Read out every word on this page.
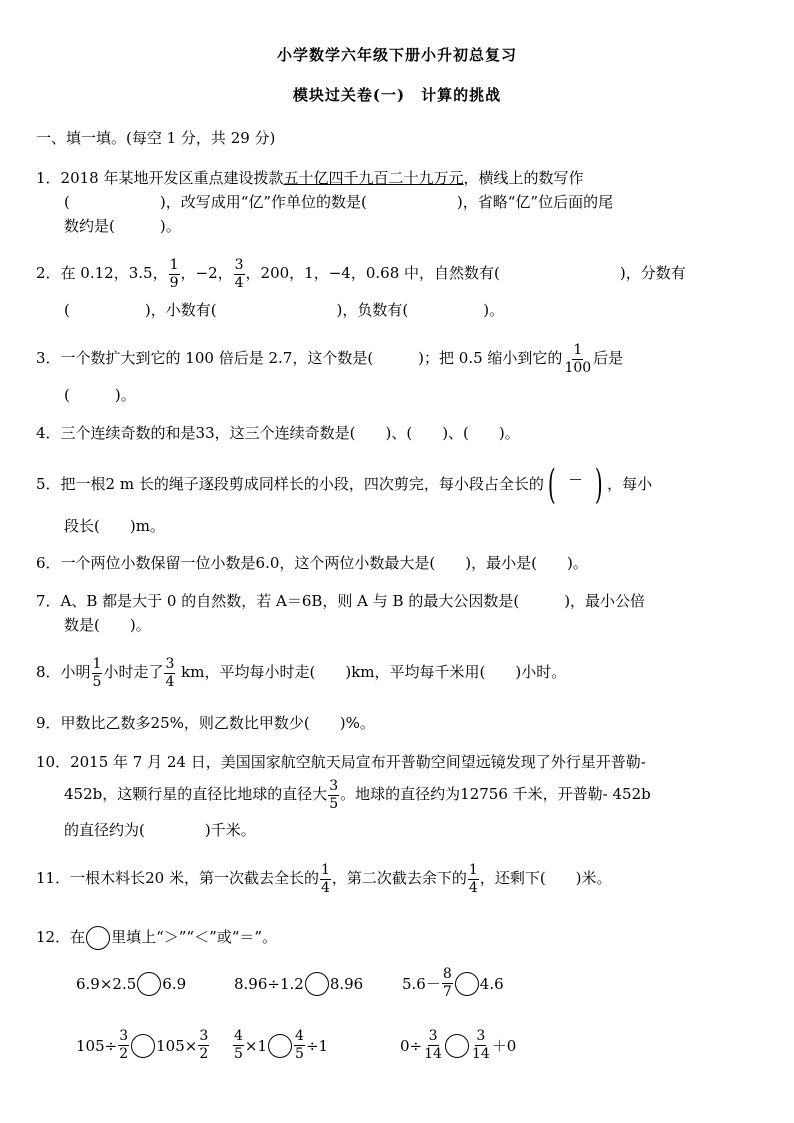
小学数学六年级下册小升初总复习
模块过关卷(一)　计算的挑战
一、填一填。(每空 1 分，共 29 分)
1．2018 年某地开发区重点建设拨款五十亿四千九百二十九万元，横线上的数写作
(　　　　　　)，改写成用“亿”作单位的数是(　　　　　　)，省略“亿”位后面的尾
数约是(　　　)。
2．在 0.12，3.5， $\frac{1}{9}$ ，−2， $\frac{3}{4}$ ，200，1，−4，0.68 中，自然数有(　　　　　　　　)，分数有
(　　　　　)，小数有(　　　　　　　　)，负数有(　　　　　)。
3．一个数扩大到它的 100 倍后是 2.7，这个数是(　　　)；把 0.5 缩小到它的 $\frac{1}{100}$ 后是
(　　　)。
4．三个连续奇数的和是33，这三个连续奇数是(　　)、(　　)、(　　)。
5．把一根2 m 长的绳子逐段剪成同样长的小段，四次剪完，每小段占全长的 ( — ) ，每小
段长(　　)m。
6．一个两位小数保留一位小数是6.0，这个两位小数最大是(　　)，最小是(　　)。
7．A、B 都是大于 0 的自然数，若 A＝6B，则 A 与 B 的最大公因数是(　　　)，最小公倍
数是(　　)。
8．小明 $\frac{1}{5}$ 小时走了 $\frac{3}{4}$ km，平均每小时走(　　)km，平均每千米用(　　)小时。
9．甲数比乙数多25%，则乙数比甲数少(　　)%。
10．2015 年 7 月 24 日，美国国家航空航天局宣布开普勒空间望远镜发现了外行星开普勒-
452b，这颗行星的直径比地球的直径大 $\frac{3}{5}$ 。地球的直径约为12756 千米，开普勒- 452b
的直径约为(　　　　)千米。
11．一根木料长20 米，第一次截去全长的 $\frac{1}{4}$ ，第二次截去余下的 $\frac{1}{4}$ ，还剩下(　　)米。
12．在 里填上“＞”“＜”或“＝”。
6.9×2.5 6.9	8.96÷1.2 8.96	$5.6- \frac{8}{7} 4.6$
$105\div \frac{3}{2} 105\times \frac{3}{2} \frac{4}{5} \times 1 \frac{4}{5} \div 1$	$0\div \frac{3}{14} \frac{3}{14} +0$
